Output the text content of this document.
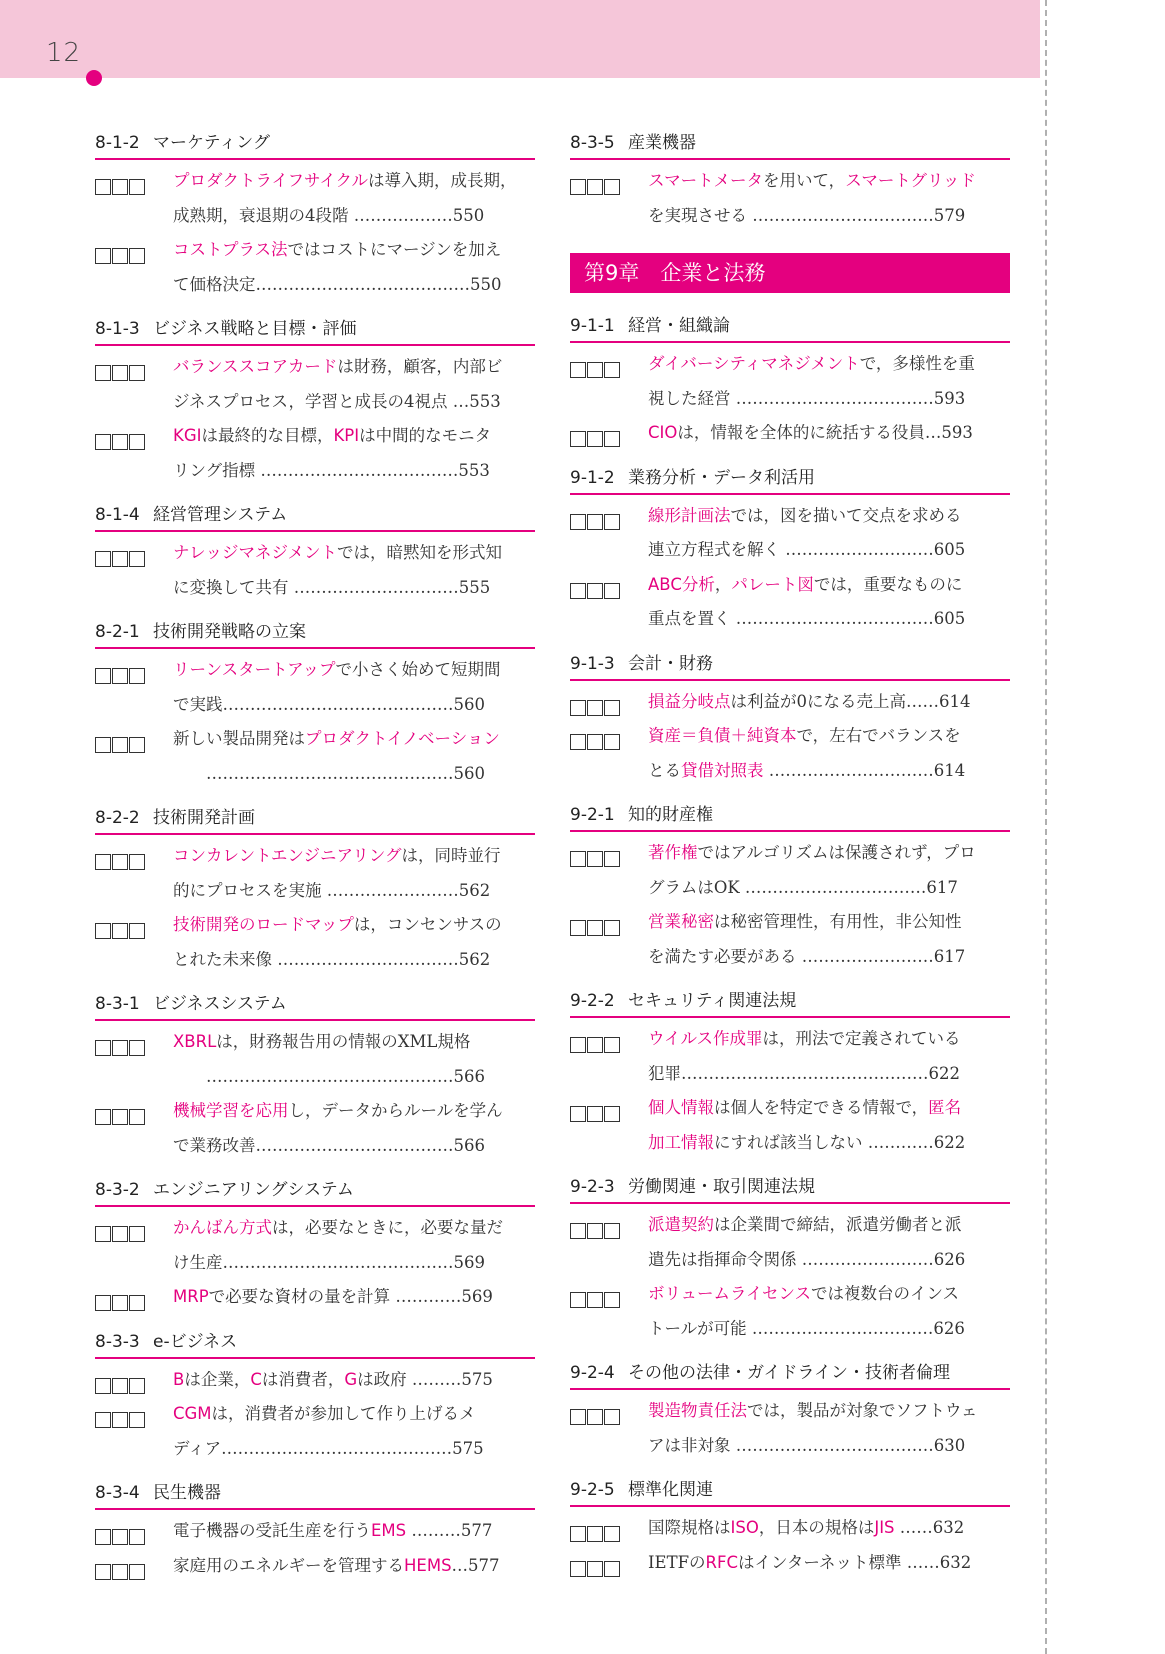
12
8-1-2 マーケティング
プロダクトライフサイクルは導入期，成長期，
成熟期，衰退期の4段階 ………………550
コストプラス法ではコストにマージンを加え
て価格決定…………………………………550
8-1-3 ビジネス戦略と目標・評価
バランススコアカードは財務，顧客，内部ビ
ジネスプロセス，学習と成長の4視点 …553
KGIは最終的な目標，KPIは中間的なモニタ
リング指標 ………………………………553
8-1-4 経営管理システム
ナレッジマネジメントでは，暗黙知を形式知
に変換して共有 …………………………555
8-2-1 技術開発戦略の立案
リーンスタートアップで小さく始めて短期間
で実践……………………………………560
新しい製品開発はプロダクトイノベーション
　　………………………………………560
8-2-2 技術開発計画
コンカレントエンジニアリングは，同時並行
的にプロセスを実施 ……………………562
技術開発のロードマップは，コンセンサスの
とれた未来像 ……………………………562
8-3-1 ビジネスシステム
XBRLは，財務報告用の情報のXML規格
　　………………………………………566
機械学習を応用し，データからルールを学ん
で業務改善………………………………566
8-3-2 エンジニアリングシステム
かんばん方式は，必要なときに，必要な量だ
け生産……………………………………569
MRPで必要な資材の量を計算 …………569
8-3-3 e-ビジネス
Bは企業，Cは消費者，Gは政府 ………575
CGMは，消費者が参加して作り上げるメ
ディア……………………………………575
8-3-4 民生機器
電子機器の受託生産を行うEMS ………577
家庭用のエネルギーを管理するHEMS…577
8-3-5 産業機器
スマートメータを用いて，スマートグリッド
を実現させる ……………………………579
第9章　企業と法務
9-1-1 経営・組織論
ダイバーシティマネジメントで，多様性を重
視した経営 ………………………………593
CIOは，情報を全体的に統括する役員…593
9-1-2 業務分析・データ利活用
線形計画法では，図を描いて交点を求める
連立方程式を解く ………………………605
ABC分析，パレート図では，重要なものに
重点を置く ………………………………605
9-1-3 会計・財務
損益分岐点は利益が0になる売上高……614
資産＝負債＋純資本で，左右でバランスを
とる貸借対照表 …………………………614
9-2-1 知的財産権
著作権ではアルゴリズムは保護されず，プロ
グラムはOK ……………………………617
営業秘密は秘密管理性，有用性，非公知性
を満たす必要がある ……………………617
9-2-2 セキュリティ関連法規
ウイルス作成罪は，刑法で定義されている
犯罪………………………………………622
個人情報は個人を特定できる情報で，匿名
加工情報にすれば該当しない …………622
9-2-3 労働関連・取引関連法規
派遣契約は企業間で締結，派遣労働者と派
遣先は指揮命令関係 ……………………626
ボリュームライセンスでは複数台のインス
トールが可能 ……………………………626
9-2-4 その他の法律・ガイドライン・技術者倫理
製造物責任法では，製品が対象でソフトウェ
アは非対象 ………………………………630
9-2-5 標準化関連
国際規格はISO，日本の規格はJIS ……632
IETFのRFCはインターネット標準 ……632
